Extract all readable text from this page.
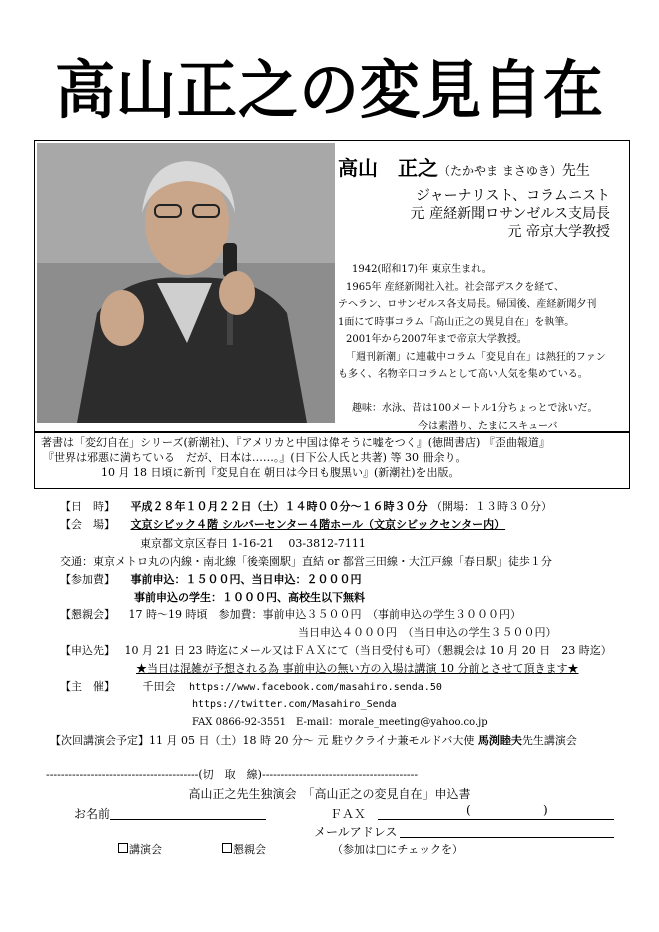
高山正之の変見自在
高山　 正之（たかやま まさゆき）先生
ジャーナリスト、コラムニスト
元 産経新聞ロサンゼルス支局長
元 帝京大学教授
1942(昭和17)年 東京生まれ。
1965年 産経新聞社入社。社会部デスクを経て、
テヘラン、ロサンゼルス各支局長。帰国後、産経新聞夕刊
1面にて時事コラム「高山正之の異見自在」を執筆。
2001年から2007年まで帝京大学教授。
「週刊新潮」に連載中コラム「変見自在」は熱狂的ファン
も多く、名物辛口コラムとして高い人気を集めている。
趣味：水泳、昔は100メートル1分ちょっとで泳いだ。
今は素潜り、たまにスキューバ
著書は「変幻自在」シリーズ(新潮社)、『アメリカと中国は偉そうに嘘をつく』(徳間書店) 『歪曲報道』
『世界は邪悪に満ちている　だが、日本は……。』(日下公人氏と共著) 等 30 冊余り。
10 月 18 日頃に新刊『変見自在 朝日は今日も腹黒い』(新潮社)を出版。
【日　時】 平成２８年１０月２２日（土）１４時００分～１６時３０分 （開場：１３時３０分）
【会　場】 文京シビック４階 シルバーセンター４階ホール（文京シビックセンター内）
東京都文京区春日 1-16-21　 03-3812-7111
交通：東京メトロ丸の内線・南北線「後楽園駅」直結 or 都営三田線・大江戸線「春日駅」徒歩１分
【参加費】 事前申込：１５００円、当日申込：２０００円
事前申込の学生：１０００円、高校生以下無料
【懇親会】 17 時～19 時頃　参加費：事前申込３５００円　（事前申込の学生３０００円）
当日申込４０００円　（当日申込の学生３５００円）
【申込先】 10 月 21 日 23 時迄にメール又はＦＡＸにて（当日受付も可）（懇親会は 10 月 20 日　23 時迄）
★当日は混雑が予想される為 事前申込の無い方の入場は講演 10 分前とさせて頂きます★
【主　催】	千田会 https://www.facebook.com/masahiro.senda.50
https://twitter.com/Masahiro_Senda
FAX 0866-92-3551　E-mail：morale_meeting@yahoo.co.jp
【次回講演会予定】11 月 05 日（土）18 時 20 分～ 元 駐ウクライナ兼モルドバ大使 馬渕睦夫先生講演会
-----------------------------------------(切　取　線)------------------------------------------
高山正之先生独演会　「高山正之の変見自在」申込書
お名前	ＦＡＸ	(	)
メールアドレス
講演会	懇親会	（参加は□にチェックを）
